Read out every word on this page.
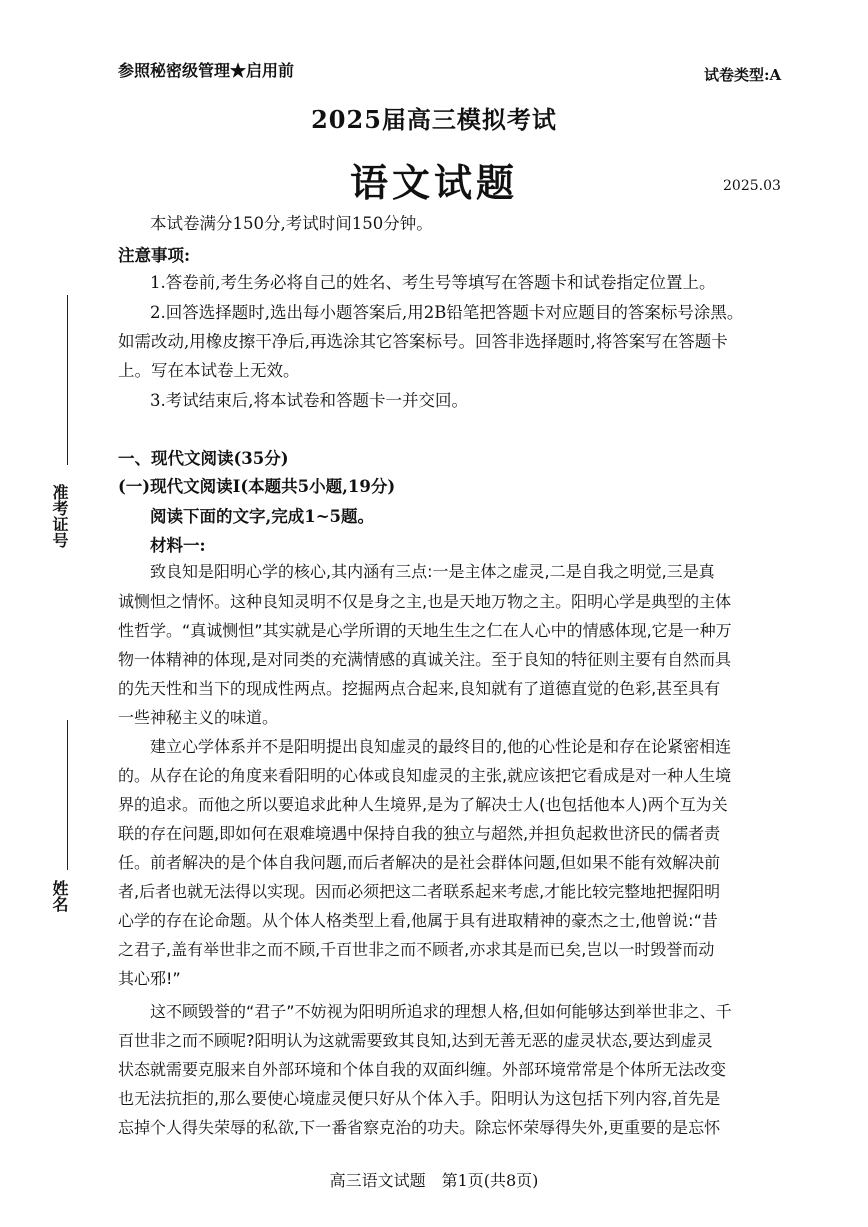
参照秘密级管理★启用前	试卷类型:A
2025届高三模拟考试
语文试题	2025.03
准考证号
姓名
本试卷满分150分,考试时间150分钟。
注意事项:
1.答卷前,考生务必将自己的姓名、考生号等填写在答题卡和试卷指定位置上。
2.回答选择题时,选出每小题答案后,用2B铅笔把答题卡对应题目的答案标号涂黑。
如需改动,用橡皮擦干净后,再选涂其它答案标号。回答非选择题时,将答案写在答题卡
上。写在本试卷上无效。
3.考试结束后,将本试卷和答题卡一并交回。
一、现代文阅读(35分)
(一)现代文阅读Ⅰ(本题共5小题,19分)
阅读下面的文字,完成1~5题。
材料一:
致良知是阳明心学的核心,其内涵有三点:一是主体之虚灵,二是自我之明觉,三是真
诚恻怛之情怀。这种良知灵明不仅是身之主,也是天地万物之主。阳明心学是典型的主体
性哲学。“真诚恻怛”其实就是心学所谓的天地生生之仁在人心中的情感体现,它是一种万
物一体精神的体现,是对同类的充满情感的真诚关注。至于良知的特征则主要有自然而具
的先天性和当下的现成性两点。挖掘两点合起来,良知就有了道德直觉的色彩,甚至具有
一些神秘主义的味道。
建立心学体系并不是阳明提出良知虚灵的最终目的,他的心性论是和存在论紧密相连
的。从存在论的角度来看阳明的心体或良知虚灵的主张,就应该把它看成是对一种人生境
界的追求。而他之所以要追求此种人生境界,是为了解决士人(也包括他本人)两个互为关
联的存在问题,即如何在艰难境遇中保持自我的独立与超然,并担负起救世济民的儒者责
任。前者解决的是个体自我问题,而后者解决的是社会群体问题,但如果不能有效解决前
者,后者也就无法得以实现。因而必须把这二者联系起来考虑,才能比较完整地把握阳明
心学的存在论命题。从个体人格类型上看,他属于具有进取精神的豪杰之士,他曾说:“昔
之君子,盖有举世非之而不顾,千百世非之而不顾者,亦求其是而已矣,岂以一时毁誉而动
其心邪!”
这不顾毁誉的“君子”不妨视为阳明所追求的理想人格,但如何能够达到举世非之、千
百世非之而不顾呢?阳明认为这就需要致其良知,达到无善无恶的虚灵状态,要达到虚灵
状态就需要克服来自外部环境和个体自我的双面纠缠。外部环境常常是个体所无法改变
也无法抗拒的,那么要使心境虚灵便只好从个体入手。阳明认为这包括下列内容,首先是
忘掉个人得失荣辱的私欲,下一番省察克治的功夫。除忘怀荣辱得失外,更重要的是忘怀
高三语文试题　第1页(共8页)
